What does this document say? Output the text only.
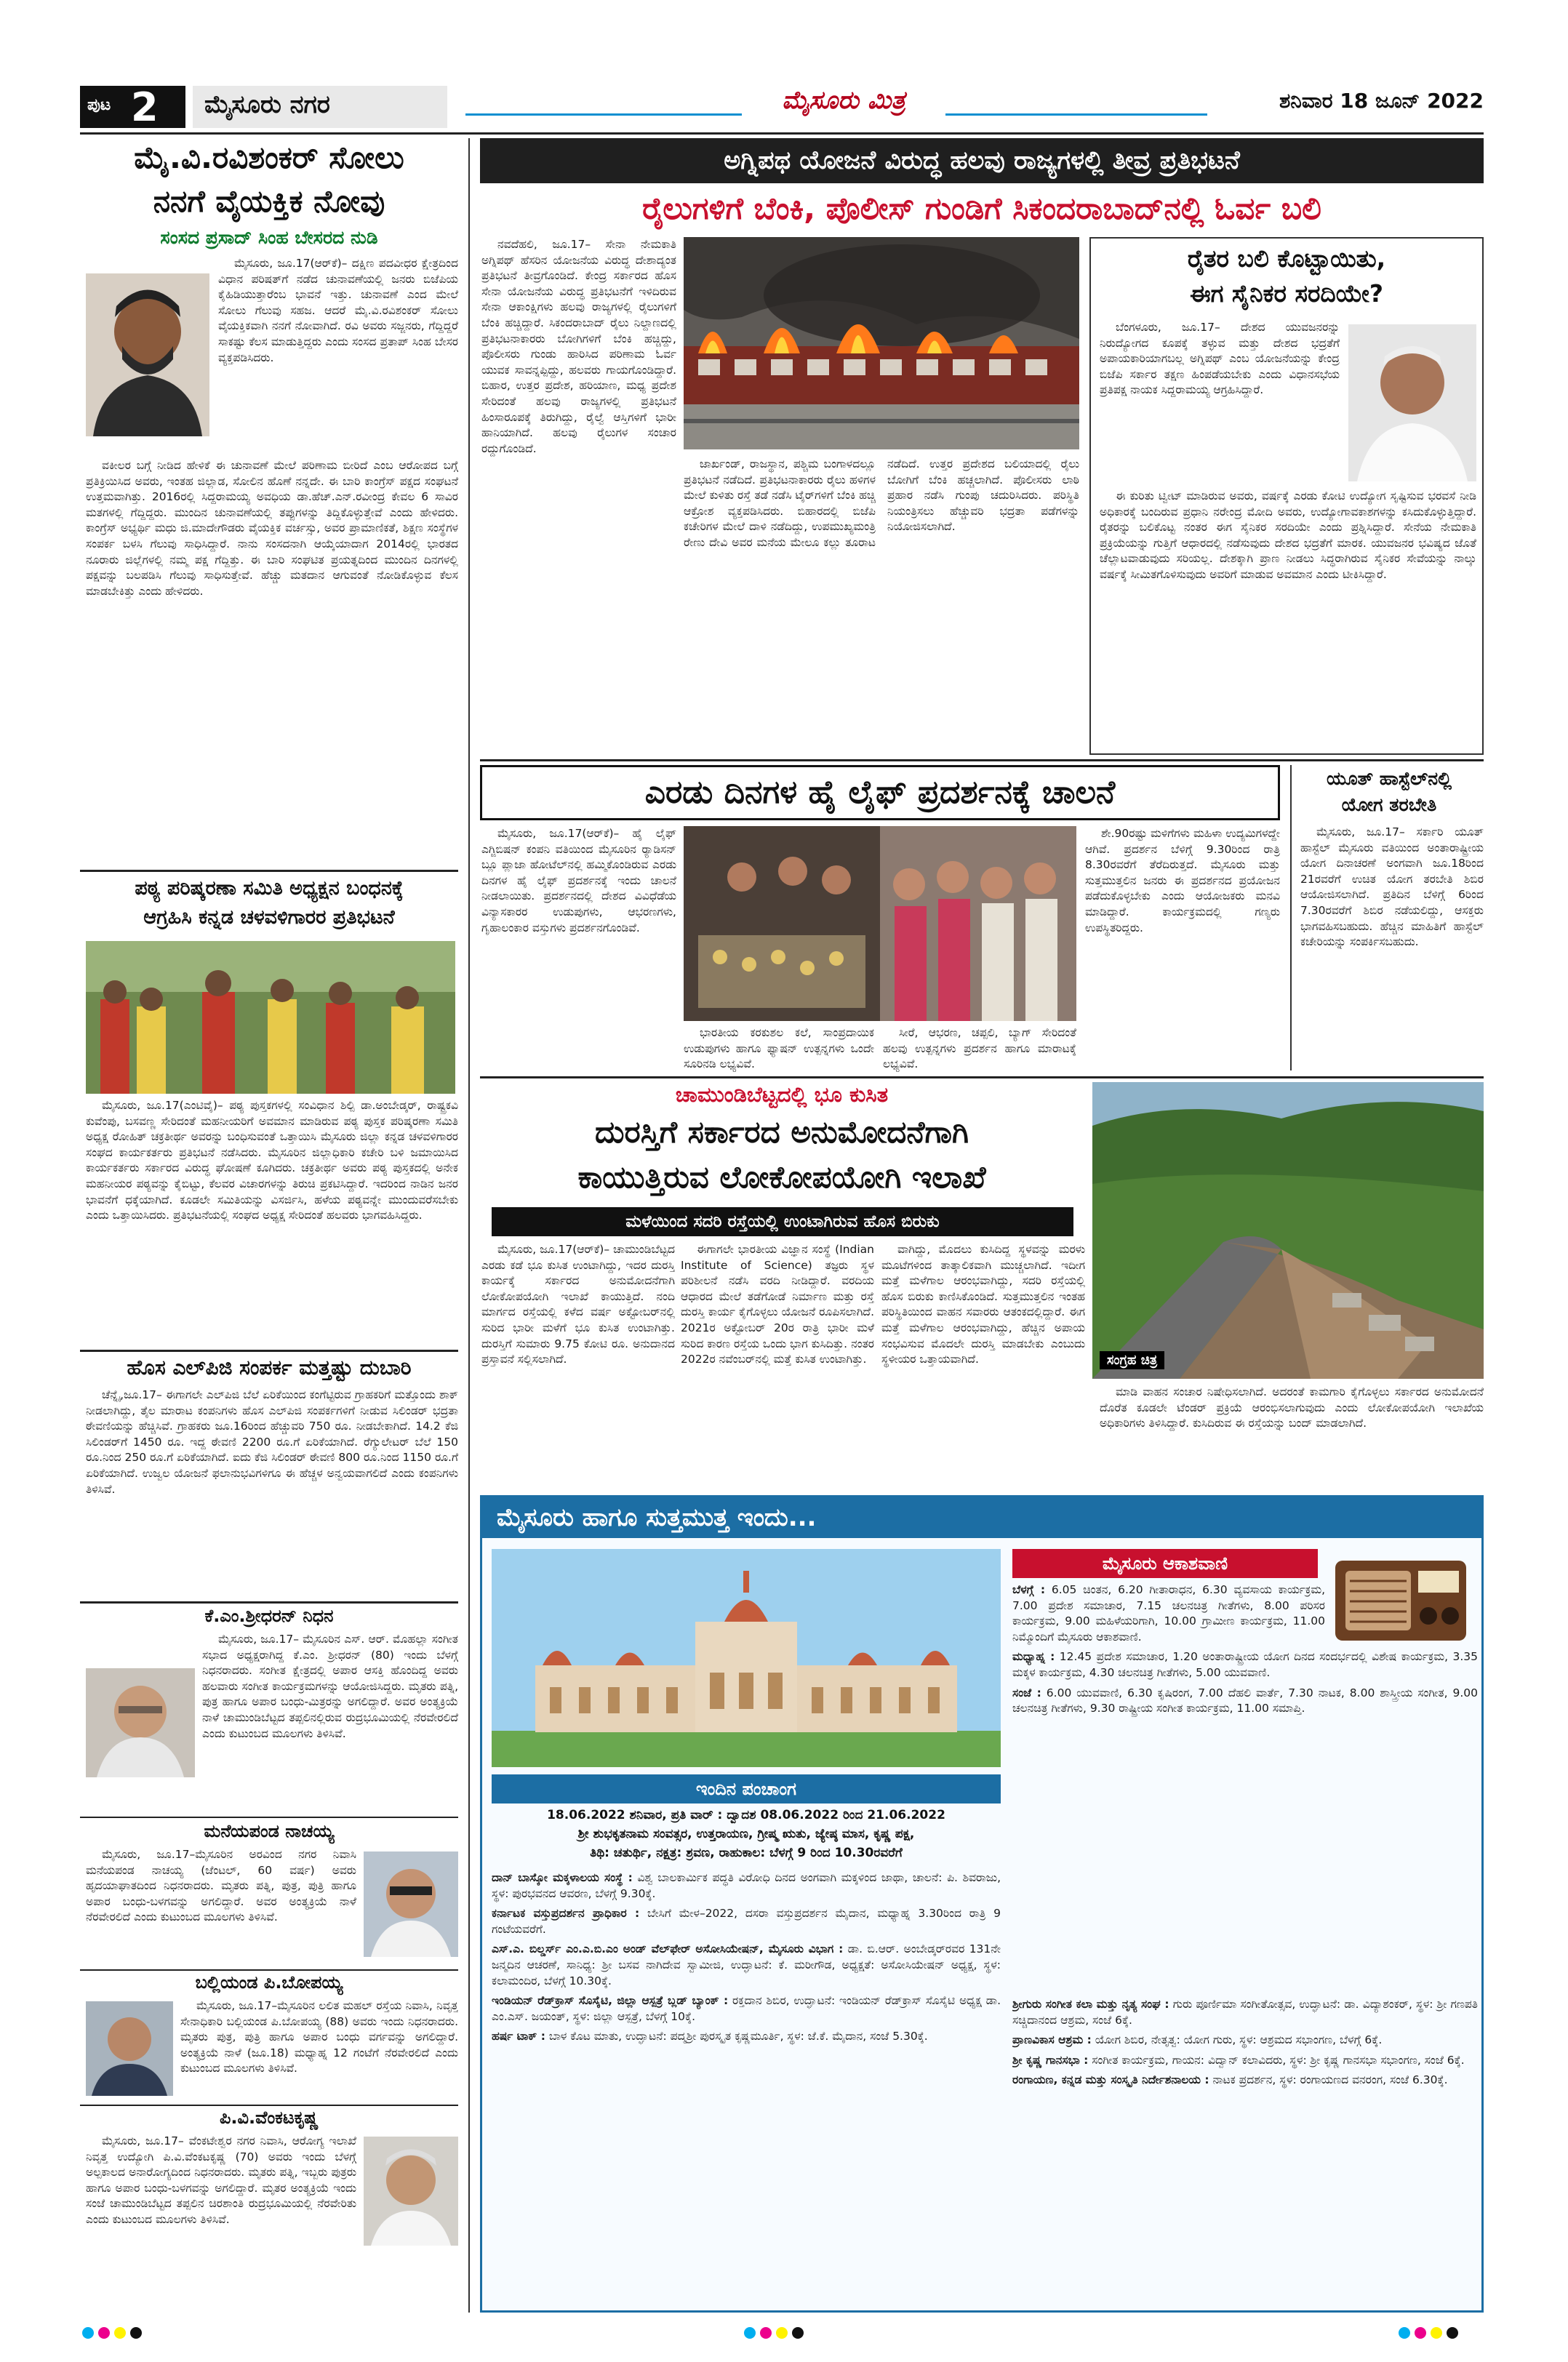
ಪುಟ 2	ಮೈಸೂರು ನಗರ	ಮೈಸೂರು ಮಿತ್ರ	ಶನಿವಾರ 18 ಜೂನ್ 2022
ಮೈ.ವಿ.ರವಿಶಂಕರ್ ಸೋಲು
ನನಗೆ ವೈಯಕ್ತಿಕ ನೋವು
ಸಂಸದ ಪ್ರಸಾದ್ ಸಿಂಹ ಬೇಸರದ ನುಡಿ

ಮೈಸೂರು, ಜೂ.17(ಆರ್‌ಕೆ)– ದಕ್ಷಿಣ ಪದವೀಧರ ಕ್ಷೇತ್ರದಿಂದ ವಿಧಾನ ಪರಿಷತ್‌ಗೆ ನಡೆದ ಚುನಾವಣೆಯಲ್ಲಿ ಜನರು ಬಿಜೆಪಿಯ ಕೈಹಿಡಿಯುತ್ತಾರೆಂಬ ಭಾವನೆ ಇತ್ತು. ಚುನಾವಣೆ ಎಂದ ಮೇಲೆ ಸೋಲು ಗೆಲುವು ಸಹಜ. ಆದರೆ ಮೈ.ವಿ.ರವಿಶಂಕರ್ ಸೋಲು ವೈಯಕ್ತಿಕವಾಗಿ ನನಗೆ ನೋವಾಗಿದೆ. ರವಿ ಅವರು ಸಜ್ಜನರು, ಗೆದ್ದಿದ್ದರೆ ಸಾಕಷ್ಟು ಕೆಲಸ ಮಾಡುತ್ತಿದ್ದರು ಎಂದು ಸಂಸದ ಪ್ರತಾಪ್ ಸಿಂಹ ಬೇಸರ ವ್ಯಕ್ತಪಡಿಸಿದರು.

ವಕೀಲರ ಬಗ್ಗೆ ನೀಡಿದ ಹೇಳಿಕೆ ಈ ಚುನಾವಣೆ ಮೇಲೆ ಪರಿಣಾಮ ಬೀರಿದೆ ಎಂಬ ಆರೋಪದ ಬಗ್ಗೆ ಪ್ರತಿಕ್ರಿಯಿಸಿದ ಅವರು, ಇಂತಹ ಜಿಲ್ಲಾಡ, ಸೋಲಿನ ಹೊಣೆ ನನ್ನದೇ. ಈ ಬಾರಿ ಕಾಂಗ್ರೆಸ್ ಪಕ್ಷದ ಸಂಘಟನೆ ಉತ್ತಮವಾಗಿತ್ತು. 2016ರಲ್ಲಿ ಸಿದ್ದರಾಮಯ್ಯ ಅವಧಿಯ ಡಾ.ಹೆಚ್.ಎನ್.ರವೀಂದ್ರ ಕೇವಲ 6 ಸಾವಿರ ಮತಗಳಲ್ಲಿ ಗೆದ್ದಿದ್ದರು. ಮುಂದಿನ ಚುನಾವಣೆಯಲ್ಲಿ ತಪ್ಪುಗಳನ್ನು ತಿದ್ದಿಕೊಳ್ಳುತ್ತೇವೆ ಎಂದು ಹೇಳಿದರು. ಕಾಂಗ್ರೆಸ್ ಅಭ್ಯರ್ಥಿ ಮಧು ಜಿ.ಮಾದೇಗೌಡರು ವೈಯಕ್ತಿಕ ವರ್ಚಸ್ಸು, ಅವರ ಪ್ರಾಮಾಣಿಕತೆ, ಶಿಕ್ಷಣ ಸಂಸ್ಥೆಗಳ ಸಂಪರ್ಕ ಬಳಸಿ ಗೆಲುವು ಸಾಧಿಸಿದ್ದಾರೆ. ನಾನು ಸಂಸದನಾಗಿ ಆಯ್ಕೆಯಾದಾಗ 2014ರಲ್ಲಿ ಭಾರತದ ನೂರಾರು ಜಿಲ್ಲೆಗಳಲ್ಲಿ ನಮ್ಮ ಪಕ್ಷ ಗೆದ್ದಿತ್ತು. ಈ ಬಾರಿ ಸಂಘಟಿತ ಪ್ರಯತ್ನದಿಂದ ಮುಂದಿನ ದಿನಗಳಲ್ಲಿ ಪಕ್ಷವನ್ನು ಬಲಪಡಿಸಿ ಗೆಲುವು ಸಾಧಿಸುತ್ತೇವೆ. ಹೆಚ್ಚು ಮತದಾನ ಆಗುವಂತೆ ನೋಡಿಕೊಳ್ಳುವ ಕೆಲಸ ಮಾಡಬೇಕಿತ್ತು ಎಂದು ಹೇಳಿದರು.

ಪಠ್ಯ ಪರಿಷ್ಕರಣಾ ಸಮಿತಿ ಅಧ್ಯಕ್ಷನ ಬಂಧನಕ್ಕೆ
ಆಗ್ರಹಿಸಿ ಕನ್ನಡ ಚಳವಳಿಗಾರರ ಪ್ರತಿಭಟನೆ

ಮೈಸೂರು, ಜೂ.17(ಎಂಟಿವೈ)– ಪಠ್ಯ ಪುಸ್ತಕಗಳಲ್ಲಿ ಸಂವಿಧಾನ ಶಿಲ್ಪಿ ಡಾ.ಅಂಬೇಡ್ಕರ್, ರಾಷ್ಟ್ರಕವಿ ಕುವೆಂಪು, ಬಸವಣ್ಣ ಸೇರಿದಂತೆ ಮಹನೀಯರಿಗೆ ಅವಮಾನ ಮಾಡಿರುವ ಪಠ್ಯ ಪುಸ್ತಕ ಪರಿಷ್ಕರಣಾ ಸಮಿತಿ ಅಧ್ಯಕ್ಷ ರೋಹಿತ್ ಚಕ್ರತೀರ್ಥ ಅವರನ್ನು ಬಂಧಿಸುವಂತೆ ಒತ್ತಾಯಿಸಿ ಮೈಸೂರು ಜಿಲ್ಲಾ ಕನ್ನಡ ಚಳವಳಿಗಾರರ ಸಂಘದ ಕಾರ್ಯಕರ್ತರು ಪ್ರತಿಭಟನೆ ನಡೆಸಿದರು. ಮೈಸೂರಿನ ಜಿಲ್ಲಾಧಿಕಾರಿ ಕಚೇರಿ ಬಳಿ ಜಮಾಯಿಸಿದ ಕಾರ್ಯಕರ್ತರು ಸರ್ಕಾರದ ವಿರುದ್ಧ ಘೋಷಣೆ ಕೂಗಿದರು. ಚಕ್ರತೀರ್ಥ ಅವರು ಪಠ್ಯ ಪುಸ್ತಕದಲ್ಲಿ ಅನೇಕ ಮಹನೀಯರ ಪಠ್ಯವನ್ನು ಕೈಬಿಟ್ಟು, ಕೆಲವರ ವಿಚಾರಗಳನ್ನು ತಿರುಚಿ ಪ್ರಕಟಿಸಿದ್ದಾರೆ. ಇದರಿಂದ ನಾಡಿನ ಜನರ ಭಾವನೆಗೆ ಧಕ್ಕೆಯಾಗಿದೆ. ಕೂಡಲೇ ಸಮಿತಿಯನ್ನು ವಿಸರ್ಜಿಸಿ, ಹಳೆಯ ಪಠ್ಯವನ್ನೇ ಮುಂದುವರೆಸಬೇಕು ಎಂದು ಒತ್ತಾಯಿಸಿದರು. ಪ್ರತಿಭಟನೆಯಲ್ಲಿ ಸಂಘದ ಅಧ್ಯಕ್ಷ ಸೇರಿದಂತೆ ಹಲವರು ಭಾಗವಹಿಸಿದ್ದರು.

ಹೊಸ ಎಲ್‌ಪಿಜಿ ಸಂಪರ್ಕ ಮತ್ತಷ್ಟು ದುಬಾರಿ

ಚೆನ್ನೈ,ಜೂ.17– ಈಗಾಗಲೇ ಎಲ್‌ಪಿಜಿ ಬೆಲೆ ಏರಿಕೆಯಿಂದ ಕಂಗೆಟ್ಟಿರುವ ಗ್ರಾಹಕರಿಗೆ ಮತ್ತೊಂದು ಶಾಕ್ ನೀಡಲಾಗಿದ್ದು, ತೈಲ ಮಾರಾಟ ಕಂಪನಿಗಳು ಹೊಸ ಎಲ್‌ಪಿಜಿ ಸಂಪರ್ಕಗಳಿಗೆ ನೀಡುವ ಸಿಲಿಂಡರ್ ಭದ್ರತಾ ಠೇವಣಿಯನ್ನು ಹೆಚ್ಚಿಸಿವೆ. ಗ್ರಾಹಕರು ಜೂ.16ರಿಂದ ಹೆಚ್ಚುವರಿ 750 ರೂ. ನೀಡಬೇಕಾಗಿದೆ. 14.2 ಕೆಜಿ ಸಿಲಿಂಡರ್‌ಗೆ 1450 ರೂ. ಇದ್ದ ಠೇವಣಿ 2200 ರೂ.ಗೆ ಏರಿಕೆಯಾಗಿದೆ. ರೆಗ್ಯುಲೇಟರ್ ಬೆಲೆ 150 ರೂ.ನಿಂದ 250 ರೂ.ಗೆ ಏರಿಕೆಯಾಗಿದೆ. ಐದು ಕೆಜಿ ಸಿಲಿಂಡರ್ ಠೇವಣಿ 800 ರೂ.ನಿಂದ 1150 ರೂ.ಗೆ ಏರಿಕೆಯಾಗಿದೆ. ಉಜ್ವಲ ಯೋಜನೆ ಫಲಾನುಭವಿಗಳಿಗೂ ಈ ಹೆಚ್ಚಳ ಅನ್ವಯವಾಗಲಿದೆ ಎಂದು ಕಂಪನಿಗಳು ತಿಳಿಸಿವೆ.

ಕೆ.ಎಂ.ಶ್ರೀಧರನ್ ನಿಧನ

ಮೈಸೂರು, ಜೂ.17– ಮೈಸೂರಿನ ಎಸ್. ಆರ್. ಮೊಹಲ್ಲಾ ಸಂಗೀತ ಸಭಾದ ಅಧ್ಯಕ್ಷರಾಗಿದ್ದ ಕೆ.ಎಂ. ಶ್ರೀಧರನ್ (80) ಇಂದು ಬೆಳಗ್ಗೆ ನಿಧನರಾದರು. ಸಂಗೀತ ಕ್ಷೇತ್ರದಲ್ಲಿ ಅಪಾರ ಆಸಕ್ತಿ ಹೊಂದಿದ್ದ ಅವರು ಹಲವಾರು ಸಂಗೀತ ಕಾರ್ಯಕ್ರಮಗಳನ್ನು ಆಯೋಜಿಸಿದ್ದರು. ಮೃತರು ಪತ್ನಿ, ಪುತ್ರ ಹಾಗೂ ಅಪಾರ ಬಂಧು-ಮಿತ್ರರನ್ನು ಅಗಲಿದ್ದಾರೆ. ಅವರ ಅಂತ್ಯಕ್ರಿಯೆ ನಾಳೆ ಚಾಮುಂಡಿಬೆಟ್ಟದ ತಪ್ಪಲಿನಲ್ಲಿರುವ ರುದ್ರಭೂಮಿಯಲ್ಲಿ ನೆರವೇರಲಿದೆ ಎಂದು ಕುಟುಂಬದ ಮೂಲಗಳು ತಿಳಿಸಿವೆ.

ಮನೆಯಪಂಡ ನಾಚಯ್ಯ

ಮೈಸೂರು, ಜೂ.17–ಮೈಸೂರಿನ ಅರವಿಂದ ನಗರ ನಿವಾಸಿ ಮನೆಯಪಂಡ ನಾಚಯ್ಯ (ಜೆಂಟಲ್, 60 ವರ್ಷ) ಅವರು ಹೃದಯಾಘಾತದಿಂದ ನಿಧನರಾದರು. ಮೃತರು ಪತ್ನಿ, ಪುತ್ರ, ಪುತ್ರಿ ಹಾಗೂ ಅಪಾರ ಬಂಧು-ಬಳಗವನ್ನು ಅಗಲಿದ್ದಾರೆ. ಅವರ ಅಂತ್ಯಕ್ರಿಯೆ ನಾಳೆ ನೆರವೇರಲಿದೆ ಎಂದು ಕುಟುಂಬದ ಮೂಲಗಳು ತಿಳಿಸಿವೆ.

ಬಲ್ಲಿಯಂಡ ಪಿ.ಬೋಪಯ್ಯ

ಮೈಸೂರು, ಜೂ.17–ಮೈಸೂರಿನ ಲಲಿತ ಮಹಲ್ ರಸ್ತೆಯ ನಿವಾಸಿ, ನಿವೃತ್ತ ಸೇನಾಧಿಕಾರಿ ಬಲ್ಲಿಯಂಡ ಪಿ.ಬೋಪಯ್ಯ (88) ಅವರು ಇಂದು ನಿಧನರಾದರು. ಮೃತರು ಪುತ್ರ, ಪುತ್ರಿ ಹಾಗೂ ಅಪಾರ ಬಂಧು ವರ್ಗವನ್ನು ಅಗಲಿದ್ದಾರೆ. ಅಂತ್ಯಕ್ರಿಯೆ ನಾಳೆ (ಜೂ.18) ಮಧ್ಯಾಹ್ನ 12 ಗಂಟೆಗೆ ನೆರವೇರಲಿದೆ ಎಂದು ಕುಟುಂಬದ ಮೂಲಗಳು ತಿಳಿಸಿವೆ.

ಪಿ.ವಿ.ವೆಂಕಟಕೃಷ್ಣ

ಮೈಸೂರು, ಜೂ.17– ವೆಂಕಟೇಶ್ವರ ನಗರ ನಿವಾಸಿ, ಆರೋಗ್ಯ ಇಲಾಖೆ ನಿವೃತ್ತ ಉದ್ಯೋಗಿ ಪಿ.ವಿ.ವೆಂಕಟಕೃಷ್ಣ (70) ಅವರು ಇಂದು ಬೆಳಗ್ಗೆ ಅಲ್ಪಕಾಲದ ಅನಾರೋಗ್ಯದಿಂದ ನಿಧನರಾದರು. ಮೃತರು ಪತ್ನಿ, ಇಬ್ಬರು ಪುತ್ರರು ಹಾಗೂ ಅಪಾರ ಬಂಧು-ಬಳಗವನ್ನು ಅಗಲಿದ್ದಾರೆ. ಮೃತರ ಅಂತ್ಯಕ್ರಿಯೆ ಇಂದು ಸಂಜೆ ಚಾಮುಂಡಿಬೆಟ್ಟದ ತಪ್ಪಲಿನ ಚಿರಶಾಂತಿ ರುದ್ರಭೂಮಿಯಲ್ಲಿ ನೆರವೇರಿತು ಎಂದು ಕುಟುಂಬದ ಮೂಲಗಳು ತಿಳಿಸಿವೆ.

ಅಗ್ನಿಪಥ ಯೋಜನೆ ವಿರುದ್ಧ ಹಲವು ರಾಜ್ಯಗಳಲ್ಲಿ ತೀವ್ರ ಪ್ರತಿಭಟನೆ
ರೈಲುಗಳಿಗೆ ಬೆಂಕಿ, ಪೊಲೀಸ್ ಗುಂಡಿಗೆ ಸಿಕಂದರಾಬಾದ್‌ನಲ್ಲಿ ಓರ್ವ ಬಲಿ

ನವದೆಹಲಿ, ಜೂ.17– ಸೇನಾ ನೇಮಕಾತಿ ಅಗ್ನಿಪಥ್ ಹೆಸರಿನ ಯೋಜನೆಯ ವಿರುದ್ಧ ದೇಶಾದ್ಯಂತ ಪ್ರತಿಭಟನೆ ತೀವ್ರಗೊಂಡಿದೆ. ಕೇಂದ್ರ ಸರ್ಕಾರದ ಹೊಸ ಸೇನಾ ಯೋಜನೆಯ ವಿರುದ್ಧ ಪ್ರತಿಭಟನೆಗೆ ಇಳಿದಿರುವ ಸೇನಾ ಆಕಾಂಕ್ಷಿಗಳು ಹಲವು ರಾಜ್ಯಗಳಲ್ಲಿ ರೈಲುಗಳಿಗೆ ಬೆಂಕಿ ಹಚ್ಚಿದ್ದಾರೆ. ಸಿಕಂದರಾಬಾದ್ ರೈಲು ನಿಲ್ದಾಣದಲ್ಲಿ ಪ್ರತಿಭಟನಾಕಾರರು ಬೋಗಿಗಳಿಗೆ ಬೆಂಕಿ ಹಚ್ಚಿದ್ದು, ಪೊಲೀಸರು ಗುಂಡು ಹಾರಿಸಿದ ಪರಿಣಾಮ ಓರ್ವ ಯುವಕ ಸಾವನ್ನಪ್ಪಿದ್ದು, ಹಲವರು ಗಾಯಗೊಂಡಿದ್ದಾರೆ. ಬಿಹಾರ, ಉತ್ತರ ಪ್ರದೇಶ, ಹರಿಯಾಣ, ಮಧ್ಯ ಪ್ರದೇಶ ಸೇರಿದಂತೆ ಹಲವು ರಾಜ್ಯಗಳಲ್ಲಿ ಪ್ರತಿಭಟನೆ ಹಿಂಸಾರೂಪಕ್ಕೆ ತಿರುಗಿದ್ದು, ರೈಲ್ವೆ ಆಸ್ತಿಗಳಿಗೆ ಭಾರೀ ಹಾನಿಯಾಗಿದೆ. ಹಲವು ರೈಲುಗಳ ಸಂಚಾರ ರದ್ದುಗೊಂಡಿದೆ.

ಜಾರ್ಖಂಡ್, ರಾಜಸ್ಥಾನ, ಪಶ್ಚಿಮ ಬಂಗಾಳದಲ್ಲೂ ಪ್ರತಿಭಟನೆ ನಡೆದಿದೆ. ಪ್ರತಿಭಟನಾಕಾರರು ರೈಲು ಹಳಿಗಳ ಮೇಲೆ ಕುಳಿತು ರಸ್ತೆ ತಡೆ ನಡೆಸಿ ಟೈರ್‌ಗಳಿಗೆ ಬೆಂಕಿ ಹಚ್ಚಿ ಆಕ್ರೋಶ ವ್ಯಕ್ತಪಡಿಸಿದರು. ಬಿಹಾರದಲ್ಲಿ ಬಿಜೆಪಿ ಕಚೇರಿಗಳ ಮೇಲೆ ದಾಳಿ ನಡೆದಿದ್ದು, ಉಪಮುಖ್ಯಮಂತ್ರಿ ರೇಣು ದೇವಿ ಅವರ ಮನೆಯ ಮೇಲೂ ಕಲ್ಲು ತೂರಾಟ ನಡೆದಿದೆ. ಉತ್ತರ ಪ್ರದೇಶದ ಬಲಿಯಾದಲ್ಲಿ ರೈಲು ಬೋಗಿಗೆ ಬೆಂಕಿ ಹಚ್ಚಲಾಗಿದೆ. ಪೊಲೀಸರು ಲಾಠಿ ಪ್ರಹಾರ ನಡೆಸಿ ಗುಂಪು ಚದುರಿಸಿದರು. ಪರಿಸ್ಥಿತಿ ನಿಯಂತ್ರಿಸಲು ಹೆಚ್ಚುವರಿ ಭದ್ರತಾ ಪಡೆಗಳನ್ನು ನಿಯೋಜಿಸಲಾಗಿದೆ.

ರೈತರ ಬಲಿ ಕೊಟ್ಟಾಯಿತು,
ಈಗ ಸೈನಿಕರ ಸರದಿಯೇ?

ಬೆಂಗಳೂರು, ಜೂ.17– ದೇಶದ ಯುವಜನರನ್ನು ನಿರುದ್ಯೋಗದ ಕೂಪಕ್ಕೆ ತಳ್ಳುವ ಮತ್ತು ದೇಶದ ಭದ್ರತೆಗೆ ಅಪಾಯಕಾರಿಯಾಗಬಲ್ಲ ಅಗ್ನಿಪಥ್ ಎಂಬ ಯೋಜನೆಯನ್ನು ಕೇಂದ್ರ ಬಿಜೆಪಿ ಸರ್ಕಾರ ತಕ್ಷಣ ಹಿಂಪಡೆಯಬೇಕು ಎಂದು ವಿಧಾನಸಭೆಯ ಪ್ರತಿಪಕ್ಷ ನಾಯಕ ಸಿದ್ದರಾಮಯ್ಯ ಆಗ್ರಹಿಸಿದ್ದಾರೆ.

ಈ ಕುರಿತು ಟ್ವೀಟ್ ಮಾಡಿರುವ ಅವರು, ವರ್ಷಕ್ಕೆ ಎರಡು ಕೋಟಿ ಉದ್ಯೋಗ ಸೃಷ್ಟಿಸುವ ಭರವಸೆ ನೀಡಿ ಅಧಿಕಾರಕ್ಕೆ ಬಂದಿರುವ ಪ್ರಧಾನಿ ನರೇಂದ್ರ ಮೋದಿ ಅವರು, ಉದ್ಯೋಗಾವಕಾಶಗಳನ್ನು ಕಸಿದುಕೊಳ್ಳುತ್ತಿದ್ದಾರೆ. ರೈತರನ್ನು ಬಲಿಕೊಟ್ಟ ನಂತರ ಈಗ ಸೈನಿಕರ ಸರದಿಯೇ ಎಂದು ಪ್ರಶ್ನಿಸಿದ್ದಾರೆ. ಸೇನೆಯ ನೇಮಕಾತಿ ಪ್ರಕ್ರಿಯೆಯನ್ನು ಗುತ್ತಿಗೆ ಆಧಾರದಲ್ಲಿ ನಡೆಸುವುದು ದೇಶದ ಭದ್ರತೆಗೆ ಮಾರಕ. ಯುವಜನರ ಭವಿಷ್ಯದ ಜೊತೆ ಚೆಲ್ಲಾಟವಾಡುವುದು ಸರಿಯಲ್ಲ. ದೇಶಕ್ಕಾಗಿ ಪ್ರಾಣ ನೀಡಲು ಸಿದ್ಧರಾಗಿರುವ ಸೈನಿಕರ ಸೇವೆಯನ್ನು ನಾಲ್ಕು ವರ್ಷಕ್ಕೆ ಸೀಮಿತಗೊಳಿಸುವುದು ಅವರಿಗೆ ಮಾಡುವ ಅವಮಾನ ಎಂದು ಟೀಕಿಸಿದ್ದಾರೆ.

ಎರಡು ದಿನಗಳ ಹೈ ಲೈಫ್ ಪ್ರದರ್ಶನಕ್ಕೆ ಚಾಲನೆ

ಮೈಸೂರು, ಜೂ.17(ಆರ್‌ಕೆ)– ಹೈ ಲೈಫ್ ಎಗ್ಜಿಬಿಷನ್ ಕಂಪನಿ ವತಿಯಿಂದ ಮೈಸೂರಿನ ರ‍್ಯಾಡಿಸನ್ ಬ್ಲೂ ಪ್ಲಾಜಾ ಹೋಟೆಲ್‌ನಲ್ಲಿ ಹಮ್ಮಿಕೊಂಡಿರುವ ಎರಡು ದಿನಗಳ ಹೈ ಲೈಫ್ ಪ್ರದರ್ಶನಕ್ಕೆ ಇಂದು ಚಾಲನೆ ನೀಡಲಾಯಿತು. ಪ್ರದರ್ಶನದಲ್ಲಿ ದೇಶದ ವಿವಿಧೆಡೆಯ ವಿನ್ಯಾಸಕಾರರ ಉಡುಪುಗಳು, ಆಭರಣಗಳು, ಗೃಹಾಲಂಕಾರ ವಸ್ತುಗಳು ಪ್ರದರ್ಶನಗೊಂಡಿವೆ.

ಶೇ.90ರಷ್ಟು ಮಳಿಗೆಗಳು ಮಹಿಳಾ ಉದ್ಯಮಿಗಳದ್ದೇ ಆಗಿವೆ. ಪ್ರದರ್ಶನ ಬೆಳಿಗ್ಗೆ 9.30ರಿಂದ ರಾತ್ರಿ 8.30ರವರೆಗೆ ತೆರೆದಿರುತ್ತದೆ. ಮೈಸೂರು ಮತ್ತು ಸುತ್ತಮುತ್ತಲಿನ ಜನರು ಈ ಪ್ರದರ್ಶನದ ಪ್ರಯೋಜನ ಪಡೆದುಕೊಳ್ಳಬೇಕು ಎಂದು ಆಯೋಜಕರು ಮನವಿ ಮಾಡಿದ್ದಾರೆ. ಕಾರ್ಯಕ್ರಮದಲ್ಲಿ ಗಣ್ಯರು ಉಪಸ್ಥಿತರಿದ್ದರು.

ಭಾರತೀಯ ಕರಕುಶಲ ಕಲೆ, ಸಾಂಪ್ರದಾಯಿಕ ಉಡುಪುಗಳು ಹಾಗೂ ಫ್ಯಾಷನ್ ಉತ್ಪನ್ನಗಳು ಒಂದೇ ಸೂರಿನಡಿ ಲಭ್ಯವಿವೆ.

ಸೀರೆ, ಆಭರಣ, ಚಪ್ಪಲಿ, ಬ್ಯಾಗ್ ಸೇರಿದಂತೆ ಹಲವು ಉತ್ಪನ್ನಗಳು ಪ್ರದರ್ಶನ ಹಾಗೂ ಮಾರಾಟಕ್ಕೆ ಲಭ್ಯವಿವೆ.

ಯೂತ್ ಹಾಸ್ಟೆಲ್‌ನಲ್ಲಿ
ಯೋಗ ತರಬೇತಿ

ಮೈಸೂರು, ಜೂ.17– ಸರ್ಕಾರಿ ಯೂತ್ ಹಾಸ್ಟೆಲ್ ಮೈಸೂರು ವತಿಯಿಂದ ಅಂತಾರಾಷ್ಟ್ರೀಯ ಯೋಗ ದಿನಾಚರಣೆ ಅಂಗವಾಗಿ ಜೂ.18ರಿಂದ 21ರವರೆಗೆ ಉಚಿತ ಯೋಗ ತರಬೇತಿ ಶಿಬಿರ ಆಯೋಜಿಸಲಾಗಿದೆ. ಪ್ರತಿದಿನ ಬೆಳಿಗ್ಗೆ 6ರಿಂದ 7.30ರವರೆಗೆ ಶಿಬಿರ ನಡೆಯಲಿದ್ದು, ಆಸಕ್ತರು ಭಾಗವಹಿಸಬಹುದು. ಹೆಚ್ಚಿನ ಮಾಹಿತಿಗೆ ಹಾಸ್ಟೆಲ್ ಕಚೇರಿಯನ್ನು ಸಂಪರ್ಕಿಸಬಹುದು.

ಚಾಮುಂಡಿಬೆಟ್ಟದಲ್ಲಿ ಭೂ ಕುಸಿತ
ದುರಸ್ತಿಗೆ ಸರ್ಕಾರದ ಅನುಮೋದನೆಗಾಗಿ
ಕಾಯುತ್ತಿರುವ ಲೋಕೋಪಯೋಗಿ ಇಲಾಖೆ
ಮಳೆಯಿಂದ ಸದರಿ ರಸ್ತೆಯಲ್ಲಿ ಉಂಟಾಗಿರುವ ಹೊಸ ಬಿರುಕು

ಮೈಸೂರು, ಜೂ.17(ಆರ್‌ಕೆ)– ಚಾಮುಂಡಿಬೆಟ್ಟದ ಎರಡು ಕಡೆ ಭೂ ಕುಸಿತ ಉಂಟಾಗಿದ್ದು, ಇದರ ದುರಸ್ತಿ ಕಾರ್ಯಕ್ಕೆ ಸರ್ಕಾರದ ಅನುಮೋದನೆಗಾಗಿ ಲೋಕೋಪಯೋಗಿ ಇಲಾಖೆ ಕಾಯುತ್ತಿದೆ. ನಂದಿ ಮಾರ್ಗದ ರಸ್ತೆಯಲ್ಲಿ ಕಳೆದ ವರ್ಷ ಅಕ್ಟೋಬರ್‌ನಲ್ಲಿ ಸುರಿದ ಭಾರೀ ಮಳೆಗೆ ಭೂ ಕುಸಿತ ಉಂಟಾಗಿತ್ತು. ದುರಸ್ತಿಗೆ ಸುಮಾರು 9.75 ಕೋಟಿ ರೂ. ಅನುದಾನದ ಪ್ರಸ್ತಾವನೆ ಸಲ್ಲಿಸಲಾಗಿದೆ.

ಈಗಾಗಲೇ ಭಾರತೀಯ ವಿಜ್ಞಾನ ಸಂಸ್ಥೆ (Indian Institute of Science) ತಜ್ಞರು ಸ್ಥಳ ಪರಿಶೀಲನೆ ನಡೆಸಿ ವರದಿ ನೀಡಿದ್ದಾರೆ. ವರದಿಯ ಆಧಾರದ ಮೇಲೆ ತಡೆಗೋಡೆ ನಿರ್ಮಾಣ ಮತ್ತು ರಸ್ತೆ ದುರಸ್ತಿ ಕಾರ್ಯ ಕೈಗೊಳ್ಳಲು ಯೋಜನೆ ರೂಪಿಸಲಾಗಿದೆ. 2021ರ ಅಕ್ಟೋಬರ್ 20ರ ರಾತ್ರಿ ಭಾರೀ ಮಳೆ ಸುರಿದ ಕಾರಣ ರಸ್ತೆಯ ಒಂದು ಭಾಗ ಕುಸಿದಿತ್ತು. ನಂತರ 2022ರ ನವೆಂಬರ್‌ನಲ್ಲಿ ಮತ್ತೆ ಕುಸಿತ ಉಂಟಾಗಿತ್ತು.

ವಾಗಿದ್ದು, ಮೊದಲು ಕುಸಿದಿದ್ದ ಸ್ಥಳವನ್ನು ಮರಳು ಮೂಟೆಗಳಿಂದ ತಾತ್ಕಾಲಿಕವಾಗಿ ಮುಚ್ಚಲಾಗಿದೆ. ಇದೀಗ ಮತ್ತೆ ಮಳೆಗಾಲ ಆರಂಭವಾಗಿದ್ದು, ಸದರಿ ರಸ್ತೆಯಲ್ಲಿ ಹೊಸ ಬಿರುಕು ಕಾಣಿಸಿಕೊಂಡಿದೆ. ಸುತ್ತಮುತ್ತಲಿನ ಇಂತಹ ಪರಿಸ್ಥಿತಿಯಿಂದ ವಾಹನ ಸವಾರರು ಆತಂಕದಲ್ಲಿದ್ದಾರೆ. ಈಗ ಮತ್ತೆ ಮಳೆಗಾಲ ಆರಂಭವಾಗಿದ್ದು, ಹೆಚ್ಚಿನ ಅಪಾಯ ಸಂಭವಿಸುವ ಮೊದಲೇ ದುರಸ್ತಿ ಮಾಡಬೇಕು ಎಂಬುದು ಸ್ಥಳೀಯರ ಒತ್ತಾಯವಾಗಿದೆ.	ಸಂಗ್ರಹ ಚಿತ್ರ

ಮಾಡಿ ವಾಹನ ಸಂಚಾರ ನಿಷೇಧಿಸಲಾಗಿದೆ. ಅದರಂತೆ ಕಾಮಗಾರಿ ಕೈಗೊಳ್ಳಲು ಸರ್ಕಾರದ ಅನುಮೋದನೆ ದೊರೆತ ಕೂಡಲೇ ಟೆಂಡರ್ ಪ್ರಕ್ರಿಯೆ ಆರಂಭಿಸಲಾಗುವುದು ಎಂದು ಲೋಕೋಪಯೋಗಿ ಇಲಾಖೆಯ ಅಧಿಕಾರಿಗಳು ತಿಳಿಸಿದ್ದಾರೆ. ಕುಸಿದಿರುವ ಈ ರಸ್ತೆಯನ್ನು ಬಂದ್ ಮಾಡಲಾಗಿದೆ.

ಮೈಸೂರು ಹಾಗೂ ಸುತ್ತಮುತ್ತ ಇಂದು...
ಇಂದಿನ ಪಂಚಾಂಗ
18.06.2022 ಶನಿವಾರ, ಪ್ರತಿ ವಾರ್ : ದ್ವಾದಶ 08.06.2022 ರಿಂದ 21.06.2022
ಶ್ರೀ ಶುಭಕೃತನಾಮ ಸಂವತ್ಸರ, ಉತ್ತರಾಯಣ, ಗ್ರೀಷ್ಮ ಋತು, ಜ್ಯೇಷ್ಠ ಮಾಸ, ಕೃಷ್ಣ ಪಕ್ಷ,
ತಿಥಿ: ಚತುರ್ಥಿ, ನಕ್ಷತ್ರ: ಶ್ರವಣ, ರಾಹುಕಾಲ: ಬೆಳಗ್ಗೆ 9 ರಿಂದ 10.30ರವರೆಗೆ
ದಾನ್ ಬಾಸ್ಕೋ ಮಕ್ಕಳಾಲಯ ಸಂಸ್ಥೆ : ವಿಶ್ವ ಬಾಲಕಾರ್ಮಿಕ ಪದ್ಧತಿ ವಿರೋಧಿ ದಿನದ ಅಂಗವಾಗಿ ಮಕ್ಕಳಿಂದ ಜಾಥಾ, ಚಾಲನೆ: ಪಿ. ಶಿವರಾಜು, ಸ್ಥಳ: ಪುರಭವನದ ಆವರಣ, ಬೆಳಗ್ಗೆ 9.30ಕ್ಕೆ.
ಕರ್ನಾಟಕ ವಸ್ತುಪ್ರದರ್ಶನ ಪ್ರಾಧಿಕಾರ : ಬೇಸಿಗೆ ಮೇಳ–2022, ದಸರಾ ವಸ್ತುಪ್ರದರ್ಶನ ಮೈದಾನ, ಮಧ್ಯಾಹ್ನ 3.30ರಿಂದ ರಾತ್ರಿ 9 ಗಂಟೆಯವರೆಗೆ.
ಎಸ್.ಎ. ಬಿಲ್ಡರ್ಸ್ ಎಂ.ಎ.ಬಿ.ಎಂ ಅಂಡ್ ವೆಲ್‌ಫೇರ್ ಅಸೋಸಿಯೇಷನ್, ಮೈಸೂರು ವಿಭಾಗ : ಡಾ. ಬಿ.ಆರ್. ಅಂಬೇಡ್ಕರ್‌ರವರ 131ನೇ ಜನ್ಮದಿನ ಆಚರಣೆ, ಸಾನಿಧ್ಯ: ಶ್ರೀ ಬಸವ ನಾಗಿದೇವ ಸ್ವಾಮೀಜಿ, ಉದ್ಘಾಟನೆ: ಕೆ. ಮರೀಗೌಡ, ಅಧ್ಯಕ್ಷತೆ: ಅಸೋಸಿಯೇಷನ್ ಅಧ್ಯಕ್ಷ, ಸ್ಥಳ: ಕಲಾಮಂದಿರ, ಬೆಳಗ್ಗೆ 10.30ಕ್ಕೆ.
ಇಂಡಿಯನ್ ರೆಡ್‌ಕ್ರಾಸ್ ಸೊಸೈಟಿ, ಜಿಲ್ಲಾ ಆಸ್ಪತ್ರೆ ಬ್ಲಡ್ ಬ್ಯಾಂಕ್ : ರಕ್ತದಾನ ಶಿಬಿರ, ಉದ್ಘಾಟನೆ: ಇಂಡಿಯನ್ ರೆಡ್‌ಕ್ರಾಸ್ ಸೊಸೈಟಿ ಅಧ್ಯಕ್ಷ ಡಾ. ಎಂ.ಎಸ್. ಜಯಂತ್, ಸ್ಥಳ: ಜಿಲ್ಲಾ ಆಸ್ಪತ್ರೆ, ಬೆಳಗ್ಗೆ 10ಕ್ಕೆ.
ಹರ್ಷ ಟಾಕ್ : ಬಾಳ ಕೊಟ ಮಾತು, ಉದ್ಘಾಟನೆ: ಪದ್ಮಶ್ರೀ ಪುರಸ್ಕೃತ ಕೃಷ್ಣಮೂರ್ತಿ, ಸ್ಥಳ: ಜೆ.ಕೆ. ಮೈದಾನ, ಸಂಜೆ 5.30ಕ್ಕೆ.
ಮೈಸೂರು ಆಕಾಶವಾಣಿ
ಬೆಳಗ್ಗೆ : 6.05 ಚಿಂತನ, 6.20 ಗೀತಾರಾಧನ, 6.30 ವ್ಯವಸಾಯ ಕಾರ್ಯಕ್ರಮ, 7.00 ಪ್ರದೇಶ ಸಮಾಚಾರ, 7.15 ಚಲನಚಿತ್ರ ಗೀತೆಗಳು, 8.00 ಪರಿಸರ ಕಾರ್ಯಕ್ರಮ, 9.00 ಮಹಿಳೆಯರಿಗಾಗಿ, 10.00 ಗ್ರಾಮೀಣ ಕಾರ್ಯಕ್ರಮ, 11.00 ನಿಮ್ಮೊಂದಿಗೆ ಮೈಸೂರು ಆಕಾಶವಾಣಿ.
ಮಧ್ಯಾಹ್ನ : 12.45 ಪ್ರದೇಶ ಸಮಾಚಾರ, 1.20 ಅಂತಾರಾಷ್ಟ್ರೀಯ ಯೋಗ ದಿನದ ಸಂದರ್ಭದಲ್ಲಿ ವಿಶೇಷ ಕಾರ್ಯಕ್ರಮ, 3.35 ಮಕ್ಕಳ ಕಾರ್ಯಕ್ರಮ, 4.30 ಚಲನಚಿತ್ರ ಗೀತೆಗಳು, 5.00 ಯುವವಾಣಿ.
ಸಂಜೆ : 6.00 ಯುವವಾಣಿ, 6.30 ಕೃಷಿರಂಗ, 7.00 ದೆಹಲಿ ವಾರ್ತೆ, 7.30 ನಾಟಕ, 8.00 ಶಾಸ್ತ್ರೀಯ ಸಂಗೀತ, 9.00 ಚಲನಚಿತ್ರ ಗೀತೆಗಳು, 9.30 ರಾಷ್ಟ್ರೀಯ ಸಂಗೀತ ಕಾರ್ಯಕ್ರಮ, 11.00 ಸಮಾಪ್ತಿ.
ಶ್ರೀಗುರು ಸಂಗೀತ ಕಲಾ ಮತ್ತು ನೃತ್ಯ ಸಂಘ : ಗುರು ಪೂರ್ಣಿಮಾ ಸಂಗೀತೋತ್ಸವ, ಉದ್ಘಾಟನೆ: ಡಾ. ವಿದ್ಯಾಶಂಕರ್, ಸ್ಥಳ: ಶ್ರೀ ಗಣಪತಿ ಸಚ್ಚಿದಾನಂದ ಆಶ್ರಮ, ಸಂಜೆ 6ಕ್ಕೆ.
ಪ್ರಾಣವಿಕಾಸ ಆಶ್ರಮ : ಯೋಗ ಶಿಬಿರ, ನೇತೃತ್ವ: ಯೋಗ ಗುರು, ಸ್ಥಳ: ಆಶ್ರಮದ ಸಭಾಂಗಣ, ಬೆಳಗ್ಗೆ 6ಕ್ಕೆ.
ಶ್ರೀ ಕೃಷ್ಣ ಗಾನಸಭಾ : ಸಂಗೀತ ಕಾರ್ಯಕ್ರಮ, ಗಾಯನ: ವಿದ್ವಾನ್ ಕಲಾವಿದರು, ಸ್ಥಳ: ಶ್ರೀ ಕೃಷ್ಣ ಗಾನಸಭಾ ಸಭಾಂಗಣ, ಸಂಜೆ 6ಕ್ಕೆ.
ರಂಗಾಯಣ, ಕನ್ನಡ ಮತ್ತು ಸಂಸ್ಕೃತಿ ನಿರ್ದೇಶನಾಲಯ : ನಾಟಕ ಪ್ರದರ್ಶನ, ಸ್ಥಳ: ರಂಗಾಯಣದ ವನರಂಗ, ಸಂಜೆ 6.30ಕ್ಕೆ.
